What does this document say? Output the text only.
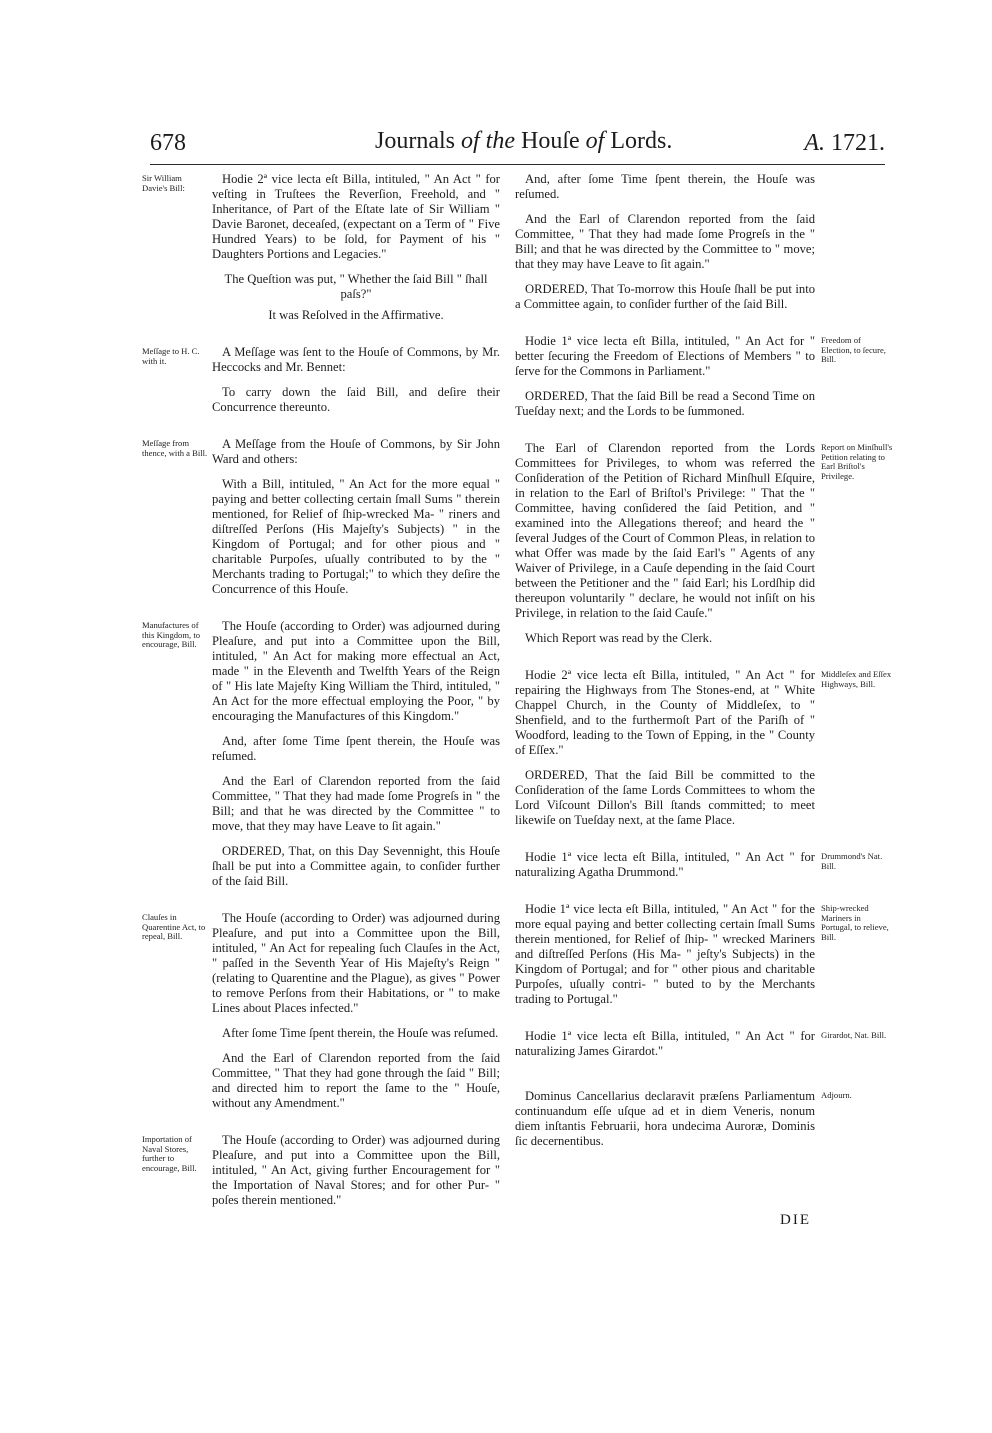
678	Journals of the Houſe of Lords.	A. 1721.
Sir William Davie's Bill:

Hodie 2ª vice lecta eſt Billa, intituled, " An Act " for veſting in Truſtees the Reverſion, Freehold, and " Inheritance, of Part of the Eſtate late of Sir William " Davie Baronet, deceaſed, (expectant on a Term of " Five Hundred Years) to be ſold, for Payment of his " Daughters Portions and Legacies."

The Queſtion was put, " Whether the ſaid Bill " ſhall paſs?"

It was Reſolved in the Affirmative.

Meſſage to H. C. with it.

A Meſſage was ſent to the Houſe of Commons, by Mr. Heccocks and Mr. Bennet:

To carry down the ſaid Bill, and deſire their Concurrence thereunto.

Meſſage from thence, with a Bill.

A Meſſage from the Houſe of Commons, by Sir John Ward and others:

With a Bill, intituled, " An Act for the more equal " paying and better collecting certain ſmall Sums " therein mentioned, for Relief of ſhip-wrecked Ma- " riners and diſtreſſed Perſons (His Majeſty's Subjects) " in the Kingdom of Portugal; and for other pious and " charitable Purpoſes, uſually contributed to by the " Merchants trading to Portugal;" to which they deſire the Concurrence of this Houſe.

Manufactures of this Kingdom, to encourage, Bill.

The Houſe (according to Order) was adjourned during Pleaſure, and put into a Committee upon the Bill, intituled, " An Act for making more effectual an Act, made " in the Eleventh and Twelfth Years of the Reign of " His late Majeſty King William the Third, intituled, " An Act for the more effectual employing the Poor, " by encouraging the Manufactures of this Kingdom."

And, after ſome Time ſpent therein, the Houſe was reſumed.

And the Earl of Clarendon reported from the ſaid Committee, " That they had made ſome Progreſs in " the Bill; and that he was directed by the Committee " to move, that they may have Leave to ſit again."

ORDERED, That, on this Day Sevennight, this Houſe ſhall be put into a Committee again, to conſider further of the ſaid Bill.

Clauſes in Quarentine Act, to repeal, Bill.

The Houſe (according to Order) was adjourned during Pleaſure, and put into a Committee upon the Bill, intituled, " An Act for repealing ſuch Clauſes in the Act, " paſſed in the Seventh Year of His Majeſty's Reign " (relating to Quarentine and the Plague), as gives " Power to remove Perſons from their Habitations, or " to make Lines about Places infected."

After ſome Time ſpent therein, the Houſe was reſumed.

And the Earl of Clarendon reported from the ſaid Committee, " That they had gone through the ſaid " Bill; and directed him to report the ſame to the " Houſe, without any Amendment."

Importation of Naval Stores, further to encourage, Bill.

The Houſe (according to Order) was adjourned during Pleaſure, and put into a Committee upon the Bill, intituled, " An Act, giving further Encouragement for " the Importation of Naval Stores; and for other Pur- " poſes therein mentioned."

And, after ſome Time ſpent therein, the Houſe was reſumed.

And the Earl of Clarendon reported from the ſaid Committee, " That they had made ſome Progreſs in the " Bill; and that he was directed by the Committee to " move; that they may have Leave to ſit again."

ORDERED, That To-morrow this Houſe ſhall be put into a Committee again, to conſider further of the ſaid Bill.

Freedom of Election, to ſecure, Bill.

Hodie 1ª vice lecta eſt Billa, intituled, " An Act for " better ſecuring the Freedom of Elections of Members " to ſerve for the Commons in Parliament."

ORDERED, That the ſaid Bill be read a Second Time on Tueſday next; and the Lords to be ſummoned.

Report on Minſhull's Petition relating to Earl Briſtol's Privilege.

The Earl of Clarendon reported from the Lords Committees for Privileges, to whom was referred the Conſideration of the Petition of Richard Minſhull Eſquire, in relation to the Earl of Briſtol's Privilege: " That the " Committee, having conſidered the ſaid Petition, and " examined into the Allegations thereof; and heard the " ſeveral Judges of the Court of Common Pleas, in relation to what Offer was made by the ſaid Earl's " Agents of any Waiver of Privilege, in a Cauſe depending in the ſaid Court between the Petitioner and the " ſaid Earl; his Lordſhip did thereupon voluntarily " declare, he would not inſiſt on his Privilege, in relation to the ſaid Cauſe."

Which Report was read by the Clerk.

Middleſex and Eſſex Highways, Bill.

Hodie 2ª vice lecta eſt Billa, intituled, " An Act " for repairing the Highways from The Stones-end, at " White Chappel Church, in the County of Middleſex, to " Shenfield, and to the furthermoſt Part of the Pariſh of " Woodford, leading to the Town of Epping, in the " County of Eſſex."

ORDERED, That the ſaid Bill be committed to the Conſideration of the ſame Lords Committees to whom the Lord Viſcount Dillon's Bill ſtands committed; to meet likewiſe on Tueſday next, at the ſame Place.

Drummond's Nat. Bill.

Hodie 1ª vice lecta eſt Billa, intituled, " An Act " for naturalizing Agatha Drummond."

Ship-wrecked Mariners in Portugal, to relieve, Bill.

Hodie 1ª vice lecta eſt Billa, intituled, " An Act " for the more equal paying and better collecting certain ſmall Sums therein mentioned, for Relief of ſhip- " wrecked Mariners and diſtreſſed Perſons (His Ma- " jeſty's Subjects) in the Kingdom of Portugal; and for " other pious and charitable Purpoſes, uſually contri- " buted to by the Merchants trading to Portugal."

Girardot, Nat. Bill.

Hodie 1ª vice lecta eſt Billa, intituled, " An Act " for naturalizing James Girardot."

Adjourn.

Dominus Cancellarius declaravit præſens Parliamentum continuandum eſſe uſque ad et in diem Veneris, nonum diem inſtantis Februarii, hora undecima Auroræ, Dominis ſic decernentibus.

DIE
